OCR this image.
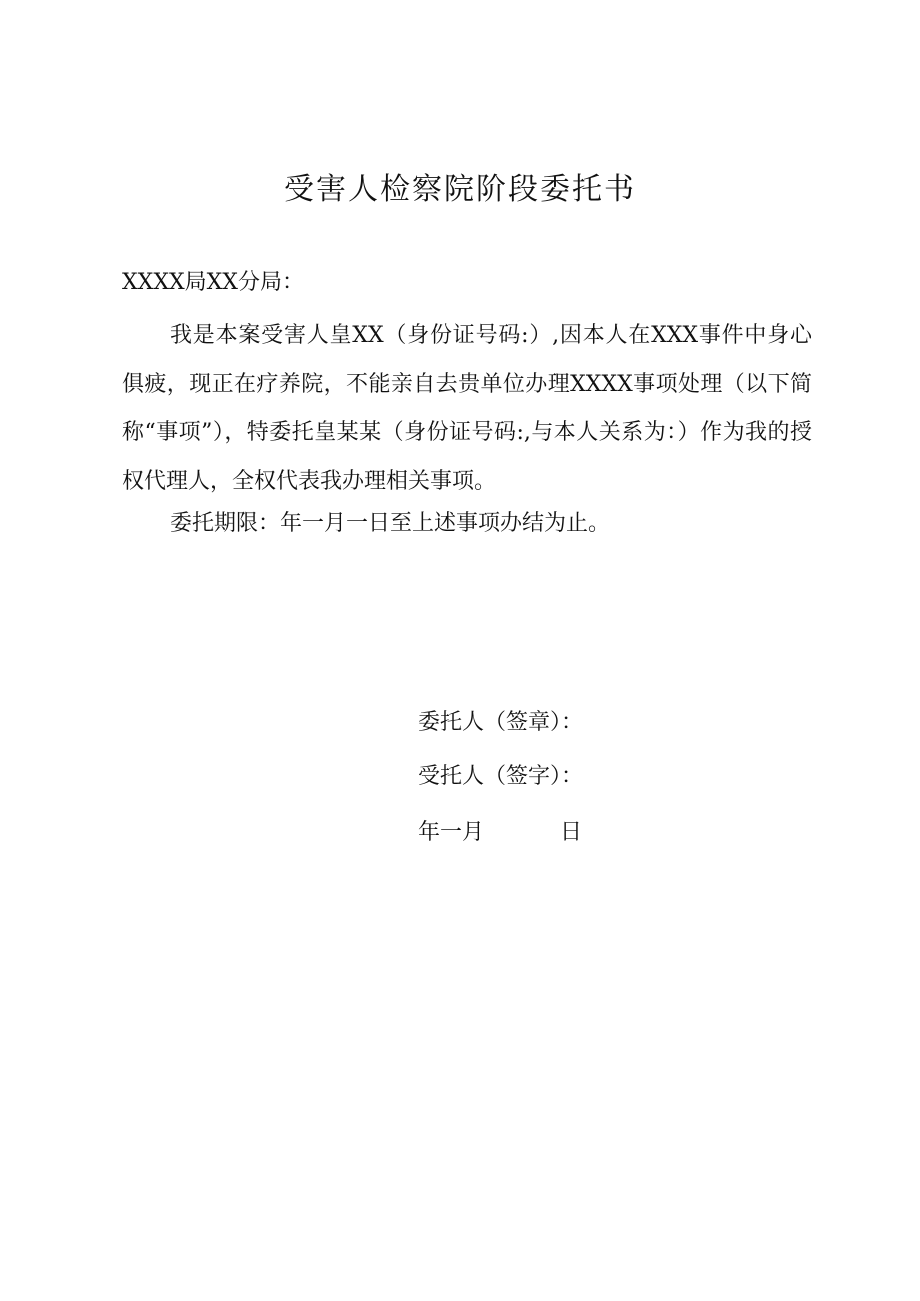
受害人检察院阶段委托书
XXXX局XX分局：
我是本案受害人皇XX（身份证号码:）,因本人在XXX事件中身心俱疲，现正在疗养院，不能亲自去贵单位办理XXXX事项处理（以下简称“事项”），特委托皇某某（身份证号码:,与本人关系为：）作为我的授权代理人，全权代表我办理相关事项。
委托期限：年一月一日至上述事项办结为止。
委托人（签章）：
受托人（签字）：
年一月	日
